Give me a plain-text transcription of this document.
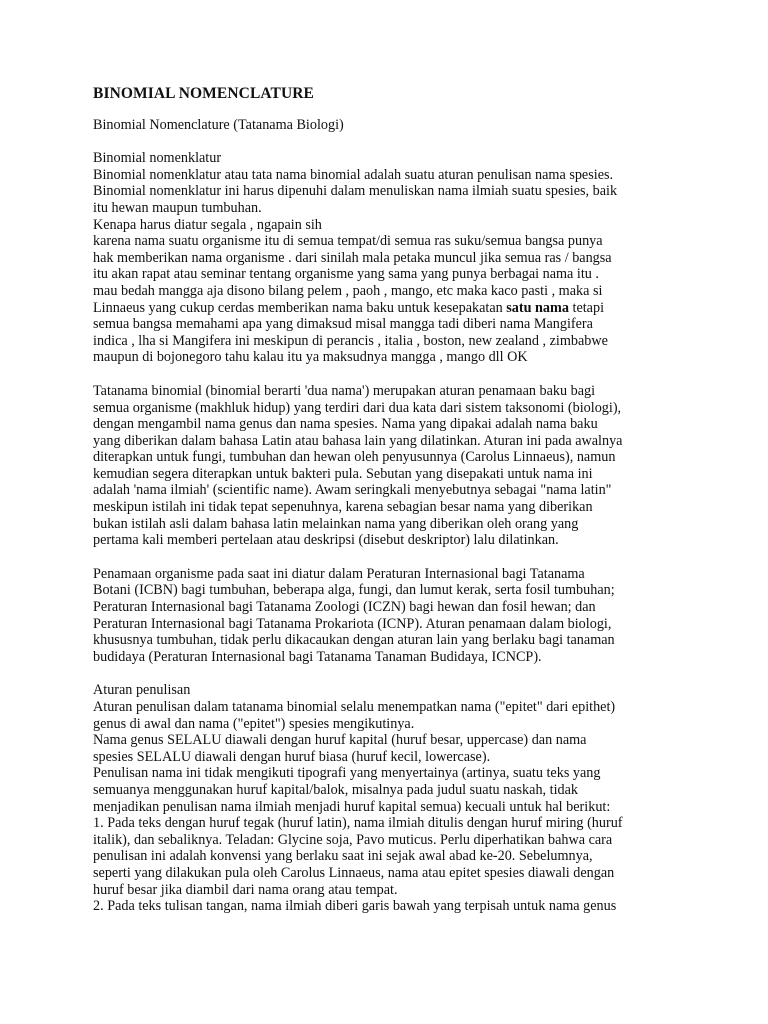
BINOMIAL NOMENCLATURE
Binomial Nomenclature (Tatanama Biologi)
Binomial nomenklatur
Binomial nomenklatur atau tata nama binomial adalah suatu aturan penulisan nama spesies.
Binomial nomenklatur ini harus dipenuhi dalam menuliskan nama ilmiah suatu spesies, baik
itu hewan maupun tumbuhan.
Kenapa harus diatur segala , ngapain sih
karena nama suatu organisme itu di semua tempat/di semua ras suku/semua bangsa punya
hak memberikan nama organisme . dari sinilah mala petaka muncul jika semua ras / bangsa
itu akan rapat atau seminar tentang organisme yang sama yang punya berbagai nama itu .
mau bedah mangga aja disono bilang pelem , paoh , mango, etc maka kaco pasti , maka si
Linnaeus yang cukup cerdas memberikan nama baku untuk kesepakatan satu nama tetapi
semua bangsa memahami apa yang dimaksud misal mangga tadi diberi nama Mangifera
indica , lha si Mangifera ini meskipun di perancis , italia , boston, new zealand , zimbabwe
maupun di bojonegoro tahu kalau itu ya maksudnya mangga , mango dll OK
Tatanama binomial (binomial berarti 'dua nama') merupakan aturan penamaan baku bagi
semua organisme (makhluk hidup) yang terdiri dari dua kata dari sistem taksonomi (biologi),
dengan mengambil nama genus dan nama spesies. Nama yang dipakai adalah nama baku
yang diberikan dalam bahasa Latin atau bahasa lain yang dilatinkan. Aturan ini pada awalnya
diterapkan untuk fungi, tumbuhan dan hewan oleh penyusunnya (Carolus Linnaeus), namun
kemudian segera diterapkan untuk bakteri pula. Sebutan yang disepakati untuk nama ini
adalah 'nama ilmiah' (scientific name). Awam seringkali menyebutnya sebagai "nama latin"
meskipun istilah ini tidak tepat sepenuhnya, karena sebagian besar nama yang diberikan
bukan istilah asli dalam bahasa latin melainkan nama yang diberikan oleh orang yang
pertama kali memberi pertelaan atau deskripsi (disebut deskriptor) lalu dilatinkan.
Penamaan organisme pada saat ini diatur dalam Peraturan Internasional bagi Tatanama
Botani (ICBN) bagi tumbuhan, beberapa alga, fungi, dan lumut kerak, serta fosil tumbuhan;
Peraturan Internasional bagi Tatanama Zoologi (ICZN) bagi hewan dan fosil hewan; dan
Peraturan Internasional bagi Tatanama Prokariota (ICNP). Aturan penamaan dalam biologi,
khususnya tumbuhan, tidak perlu dikacaukan dengan aturan lain yang berlaku bagi tanaman
budidaya (Peraturan Internasional bagi Tatanama Tanaman Budidaya, ICNCP).
Aturan penulisan
Aturan penulisan dalam tatanama binomial selalu menempatkan nama ("epitet" dari epithet)
genus di awal dan nama ("epitet") spesies mengikutinya.
Nama genus SELALU diawali dengan huruf kapital (huruf besar, uppercase) dan nama
spesies SELALU diawali dengan huruf biasa (huruf kecil, lowercase).
Penulisan nama ini tidak mengikuti tipografi yang menyertainya (artinya, suatu teks yang
semuanya menggunakan huruf kapital/balok, misalnya pada judul suatu naskah, tidak
menjadikan penulisan nama ilmiah menjadi huruf kapital semua) kecuali untuk hal berikut:
1. Pada teks dengan huruf tegak (huruf latin), nama ilmiah ditulis dengan huruf miring (huruf
italik), dan sebaliknya. Teladan: Glycine soja, Pavo muticus. Perlu diperhatikan bahwa cara
penulisan ini adalah konvensi yang berlaku saat ini sejak awal abad ke-20. Sebelumnya,
seperti yang dilakukan pula oleh Carolus Linnaeus, nama atau epitet spesies diawali dengan
huruf besar jika diambil dari nama orang atau tempat.
2. Pada teks tulisan tangan, nama ilmiah diberi garis bawah yang terpisah untuk nama genus
